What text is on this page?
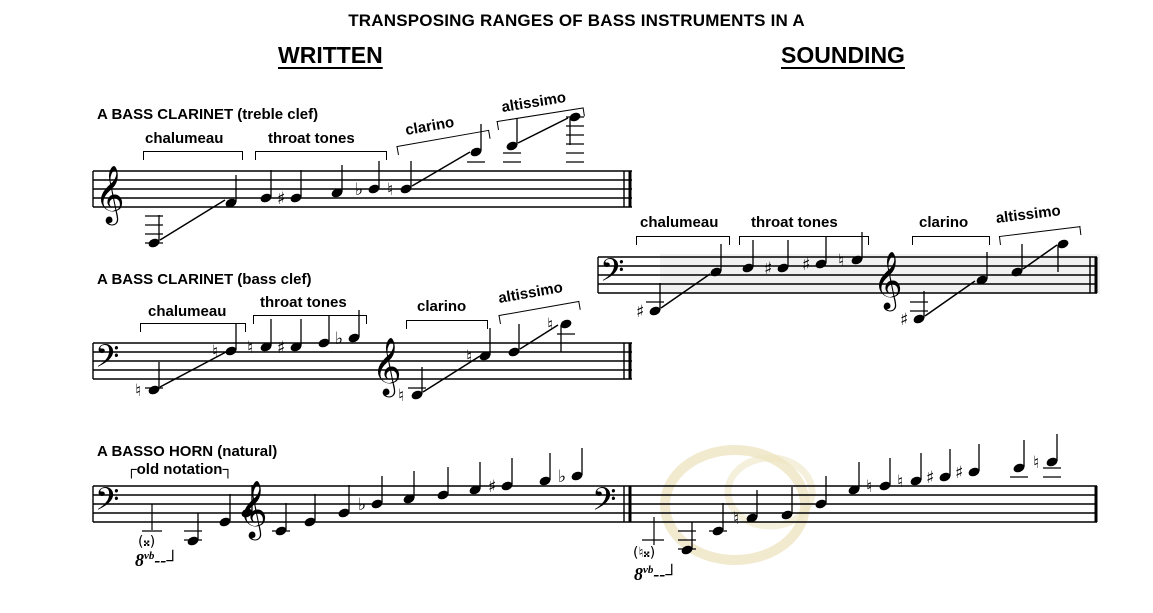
TRANSPOSING RANGES OF BASS INSTRUMENTS IN A
WRITTEN	SOUNDING
A BASS CLARINET (treble clef)
A BASS CLARINET (bass clef)
A BASSO HORN (natural)
chalumeau	throat tones	clarino
altissimo
chalumeau
throat tones	clarino altissimo
chalumeau throat tones	clarino altissimo
┌old notation┐
$8^{vb}‐‐┘$
$8^{vb}‐‐┘$
𝄞	♯	♭ ♮
𝄢
♮
♮ ♮ ♯	♭ 𝄞
♮
♮
♮
𝄢
♯
♯ ♯ ♮ 𝄞
♯
𝄢
(𝄪)
𝄞	♭
♯	♭
𝄢
(♮𝄪)
♮
♮ ♮ ♯ ♯	♮
